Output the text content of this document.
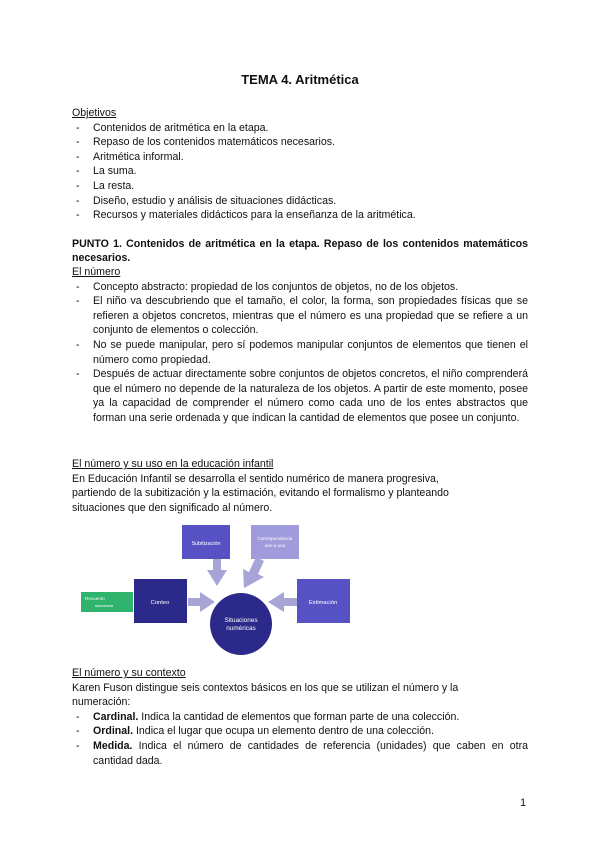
TEMA 4. Aritmética
Objetivos
- Contenidos de aritmética en la etapa.
- Repaso de los contenidos matemáticos necesarios.
- Aritmética informal.
- La suma.
- La resta.
- Diseño, estudio y análisis de situaciones didácticas.
- Recursos y materiales didácticos para la enseñanza de la aritmética.
PUNTO 1. Contenidos de aritmética en la etapa. Repaso de los contenidos matemáticos necesarios.
El número
- Concepto abstracto: propiedad de los conjuntos de objetos, no de los objetos.
- El niño va descubriendo que el tamaño, el color, la forma, son propiedades físicas que se refieren a objetos concretos, mientras que el número es una propiedad que se refiere a un conjunto de elementos o colección.
- No se puede manipular, pero sí podemos manipular conjuntos de elementos que tienen el número como propiedad.
- Después de actuar directamente sobre conjuntos de objetos concretos, el niño comprenderá que el número no depende de la naturaleza de los objetos. A partir de este momento, posee ya la capacidad de comprender el número como cada uno de los entes abstractos que forman una serie ordenada y que indican la cantidad de elementos que posee un conjunto.
El número y su uso en la educación infantil
En Educación Infantil se desarrolla el sentido numérico de manera progresiva,
partiendo de la subitización y la estimación, evitando el formalismo y planteando
situaciones que den significado al número.
Subitización
Correspondencia
uno a uno
Conteo	Estimación
Recuento
secuencia
Situaciones
numéricas
El número y su contexto
Karen Fuson distingue seis contextos básicos en los que se utilizan el número y la
numeración:
- Cardinal. Indica la cantidad de elementos que forman parte de una colección.
- Ordinal. Indica el lugar que ocupa un elemento dentro de una colección.
- Medida. Indica el número de cantidades de referencia (unidades) que caben en otra cantidad dada.
1
